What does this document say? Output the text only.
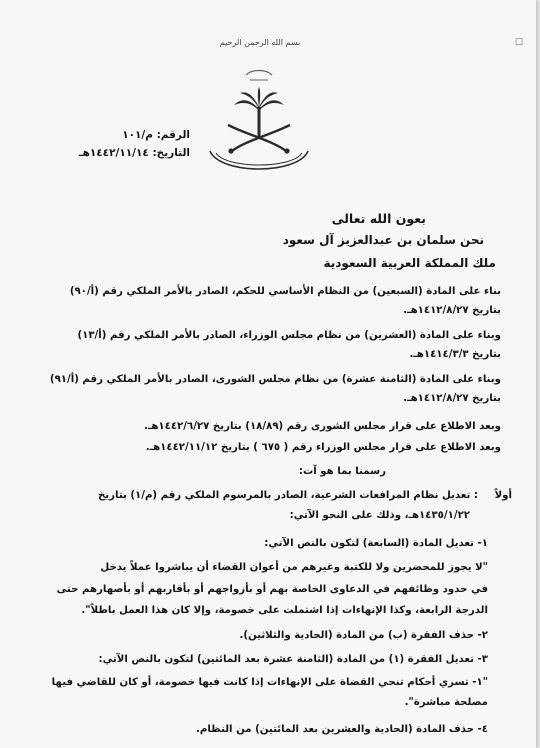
☐
بسم الله الرحمن الرحيم
الرقم: م/١٠١
التاريخ: ١٤٤٢/١١/١٤هـ
بعون الله تعالى
نحن سلمان بن عبدالعزيز آل سعود
ملك المملكة العربية السعودية
بناء على المادة (السبعين) من النظام الأساسي للحكم، الصادر بالأمر الملكي رقم (أ/٩٠)
بتاريخ ١٤١٢/٨/٢٧هـ.
وبناء على المادة (العشرين) من نظام مجلس الوزراء، الصادر بالأمر الملكي رقم (أ/١٣)
بتاريخ ١٤١٤/٣/٣هـ.
وبناء على المادة (الثامنة عشرة) من نظام مجلس الشورى، الصادر بالأمر الملكي رقم (أ/٩١)
بتاريخ ١٤١٢/٨/٢٧هـ.
وبعد الاطلاع على قرار مجلس الشورى رقم (١٨/٨٩) بتاريخ ١٤٤٢/٦/٢٧هـ.
وبعد الاطلاع على قرار مجلس الوزراء رقم ( ٦٧٥ ) بتاريخ ١٤٤٢/١١/١٢هـ.
رسمنا بما هو آت:
أولاً
: تعديل نظام المرافعات الشرعية، الصادر بالمرسوم الملكي رقم (م/١) بتاريخ
١٤٣٥/١/٢٢هـ، وذلك على النحو الآتي:
١- تعديل المادة (السابعة) لتكون بالنص الآتي:
"لا يجوز للمحضرين ولا للكتبة وغيرهم من أعوان القضاء أن يباشروا عملاً يدخل
في حدود وظائفهم في الدعاوى الخاصة بهم أو بأزواجهم أو بأقاربهم أو بأصهارهم حتى
الدرجة الرابعة، وكذا الإنهاءات إذا اشتملت على خصومة، وإلا كان هذا العمل باطلاً".
٢- حذف الفقرة (ب) من المادة (الحادية والثلاثين).
٣- تعديل الفقرة (١) من المادة (الثامنة عشرة بعد المائتين) لتكون بالنص الآتي:
"١- تسري أحكام تنحي القضاة على الإنهاءات إذا كانت فيها خصومة، أو كان للقاضي فيها
مصلحة مباشرة".
٤- حذف المادة (الحادية والعشرين بعد المائتين) من النظام.
